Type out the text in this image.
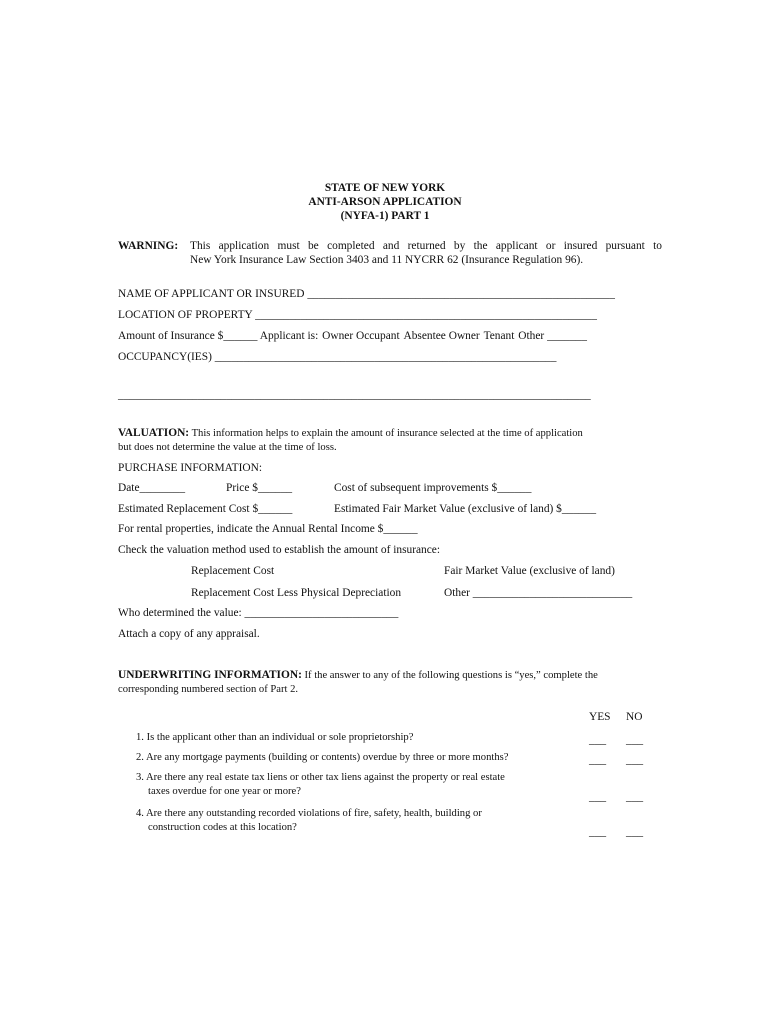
STATE OF NEW YORK
ANTI-ARSON APPLICATION
(NYFA-1) PART 1
WARNING: This application must be completed and returned by the applicant or insured pursuant to
New York Insurance Law Section 3403 and 11 NYCRR 62 (Insurance Regulation 96).
NAME OF APPLICANT OR INSURED ______________________________________________________
LOCATION OF PROPERTY ____________________________________________________________
Amount of Insurance $______ Applicant is: Owner Occupant Absentee Owner Tenant Other _______
OCCUPANCY(IES) ____________________________________________________________
___________________________________________________________________________________
VALUATION: This information helps to explain the amount of insurance selected at the time of application
but does not determine the value at the time of loss.
PURCHASE INFORMATION:
Date________	Price $______	Cost of subsequent improvements $______
Estimated Replacement Cost $______	Estimated Fair Market Value (exclusive of land) $______
For rental properties, indicate the Annual Rental Income $______
Check the valuation method used to establish the amount of insurance:
Replacement Cost	Fair Market Value (exclusive of land)
Replacement Cost Less Physical Depreciation	Other ____________________________
Who determined the value: ___________________________
Attach a copy of any appraisal.
UNDERWRITING INFORMATION: If the answer to any of the following questions is “yes,” complete the
corresponding numbered section of Part 2.
YES NO
1. Is the applicant other than an individual or sole proprietorship?	___ ___
2. Are any mortgage payments (building or contents) overdue by three or more months?	___ ___
3. Are there any real estate tax liens or other tax liens against the property or real estate
taxes overdue for one year or more?	___ ___
4. Are there any outstanding recorded violations of fire, safety, health, building or
construction codes at this location?	___ ___
